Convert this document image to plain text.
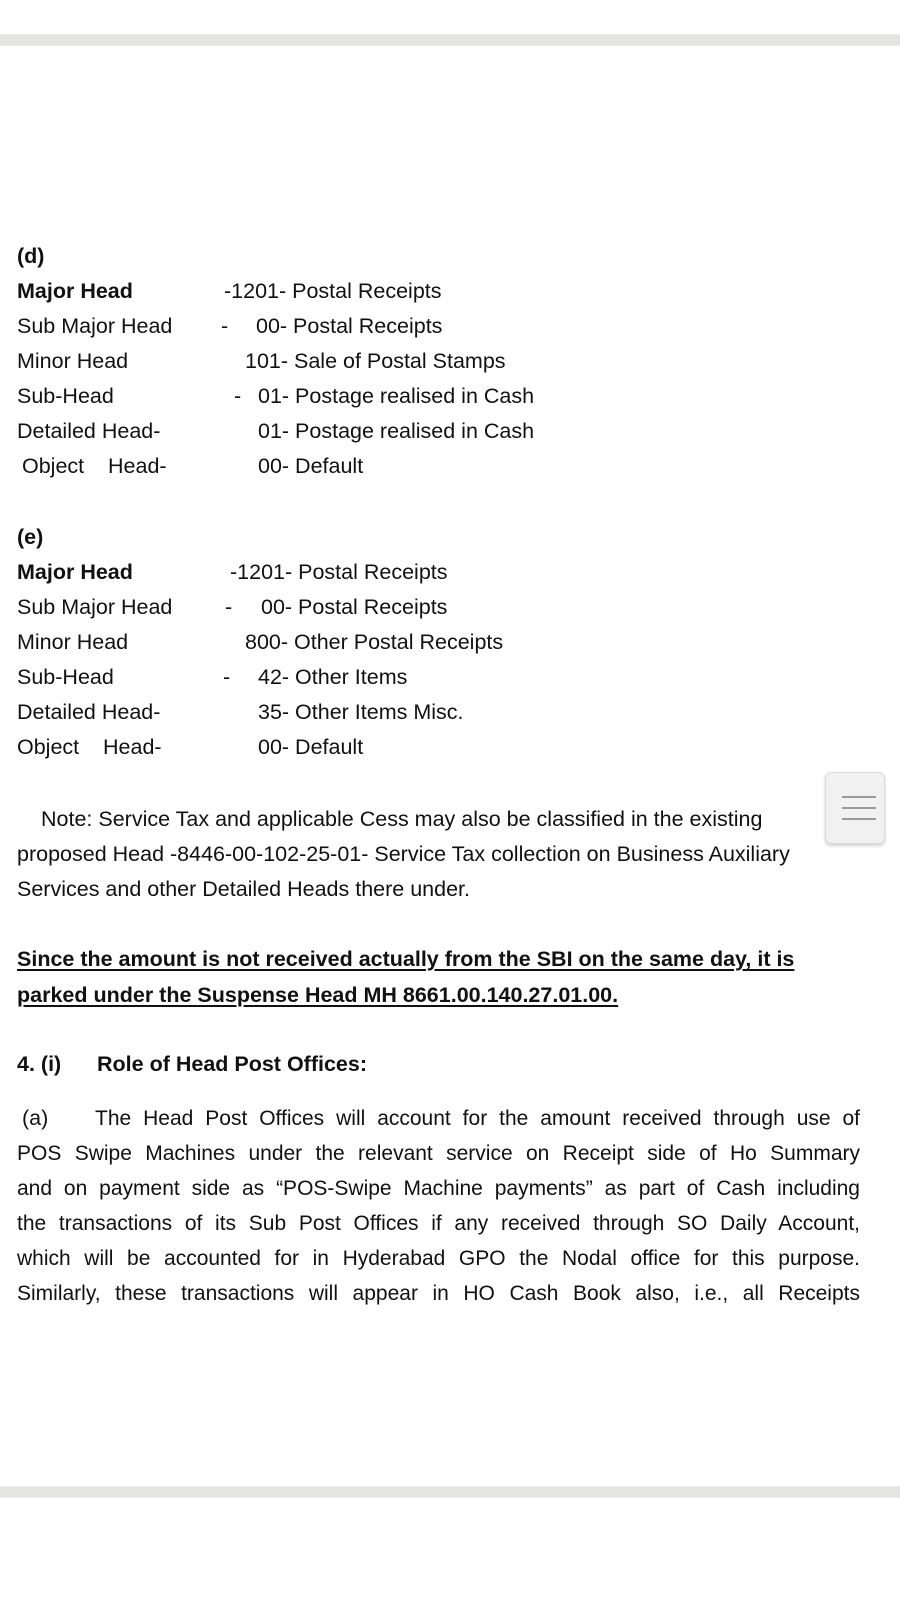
(d)
Major Head	-1201- Postal Receipts
Sub Major Head - 00- Postal Receipts
Minor Head	101- Sale of Postal Stamps
Sub-Head	- 01- Postage realised in Cash
Detailed Head-	01- Postage realised in Cash
Object    Head-	00- Default
(e)
Major Head	-1201- Postal Receipts
Sub Major Head - 00- Postal Receipts
Minor Head	800- Other Postal Receipts
Sub-Head	- 42- Other Items
Detailed Head-	35- Other Items Misc.
Object    Head-	00- Default
Note: Service Tax and applicable Cess may also be classified in the existing
proposed Head -8446-00-102-25-01- Service Tax collection on Business Auxiliary
Services and other Detailed Heads there under.
Since the amount is not received actually from the SBI on the same day, it is
parked under the Suspense Head MH 8661.00.140.27.01.00.
4. (i) Role of Head Post Offices:
(a) The Head Post Offices will account for the amount received through use of
POS Swipe Machines under the relevant service on Receipt side of Ho Summary
and on payment side as “POS-Swipe Machine payments” as part of Cash including
the transactions of its Sub Post Offices if any received through SO Daily Account,
which will be accounted for in Hyderabad GPO the Nodal office for this purpose.
Similarly, these transactions will appear in HO Cash Book also, i.e., all Receipts
